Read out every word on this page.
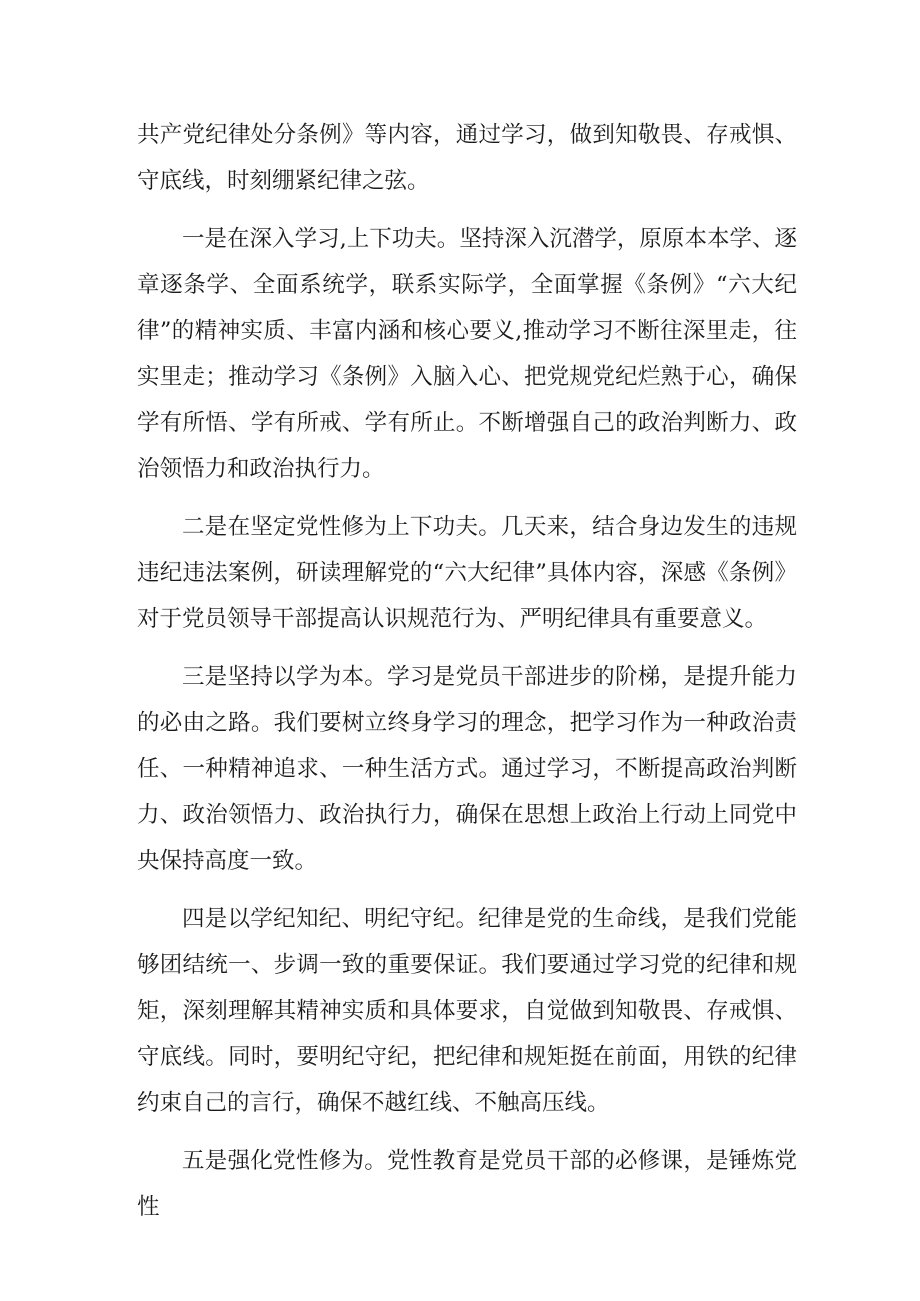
共产党纪律处分条例》等内容，通过学习，做到知敬畏、存戒惧、守底线，时刻绷紧纪律之弦。

一是在深入学习,上下功夫。坚持深入沉潜学，原原本本学、逐章逐条学、全面系统学，联系实际学，全面掌握《条例》“六大纪律”的精神实质、丰富内涵和核心要义,推动学习不断往深里走，往实里走；推动学习《条例》入脑入心、把党规党纪烂熟于心，确保学有所悟、学有所戒、学有所止。不断增强自己的政治判断力、政治领悟力和政治执行力。

二是在坚定党性修为上下功夫。几天来，结合身边发生的违规违纪违法案例，研读理解党的“六大纪律”具体内容，深感《条例》对于党员领导干部提高认识规范行为、严明纪律具有重要意义。

三是坚持以学为本。学习是党员干部进步的阶梯，是提升能力的必由之路。我们要树立终身学习的理念，把学习作为一种政治责任、一种精神追求、一种生活方式。通过学习，不断提高政治判断力、政治领悟力、政治执行力，确保在思想上政治上行动上同党中央保持高度一致。

四是以学纪知纪、明纪守纪。纪律是党的生命线，是我们党能够团结统一、步调一致的重要保证。我们要通过学习党的纪律和规矩，深刻理解其精神实质和具体要求，自觉做到知敬畏、存戒惧、守底线。同时，要明纪守纪，把纪律和规矩挺在前面，用铁的纪律约束自己的言行，确保不越红线、不触高压线。

五是强化党性修为。党性教育是党员干部的必修课，是锤炼党性
